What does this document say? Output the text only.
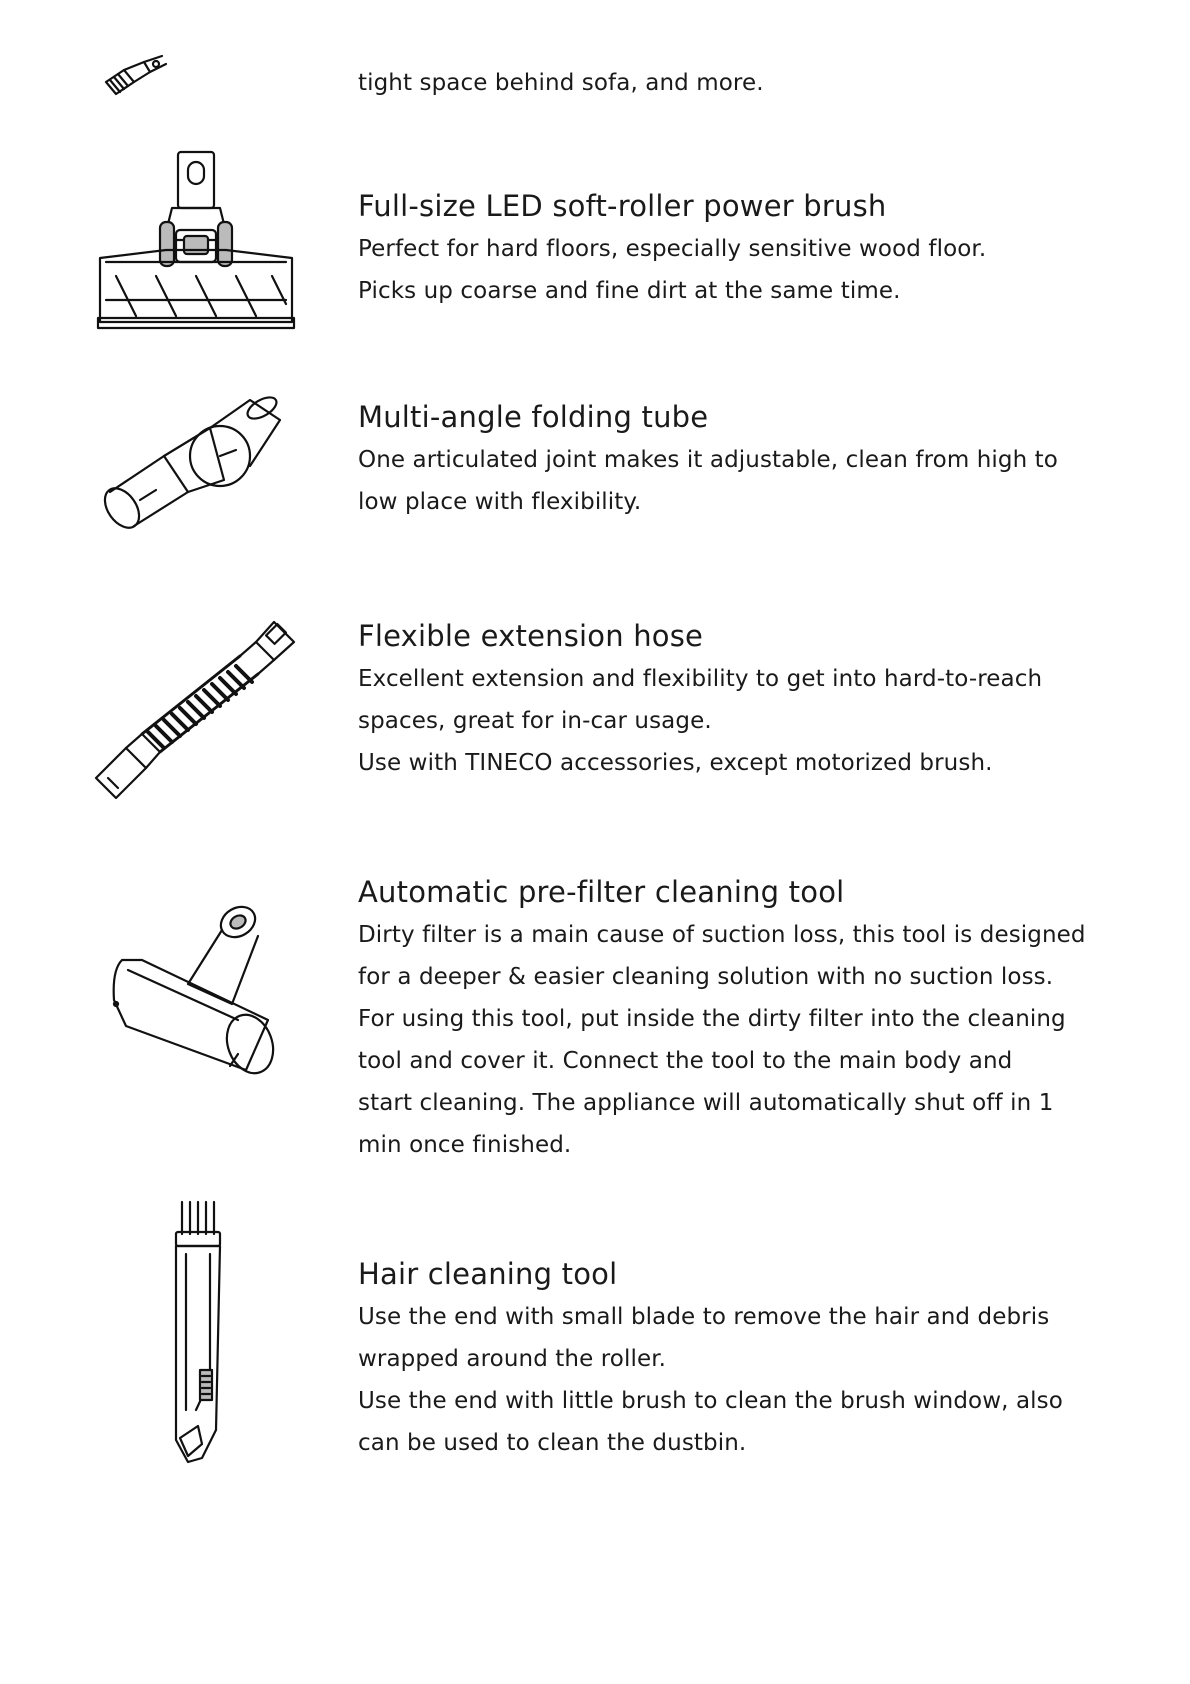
tight space behind sofa, and more.

Full-size LED soft-roller power brush

Perfect for hard floors, especially sensitive wood floor.

Picks up coarse and fine dirt at the same time.

Multi-angle folding tube

One articulated joint makes it adjustable, clean from high to

low place with flexibility.

Flexible extension hose

Excellent extension and flexibility to get into hard-to-reach

spaces, great for in-car usage.

Use with TINECO accessories, except motorized brush.

Automatic pre-filter cleaning tool

Dirty filter is a main cause of suction loss, this tool is designed

for a deeper & easier cleaning solution with no suction loss.

For using this tool, put inside the dirty filter into the cleaning

tool and cover it. Connect the tool to the main body and

start cleaning. The appliance will automatically shut off in 1

min once finished.

Hair cleaning tool

Use the end with small blade to remove the hair and debris

wrapped around the roller.

Use the end with little brush to clean the brush window, also

can be used to clean the dustbin.
